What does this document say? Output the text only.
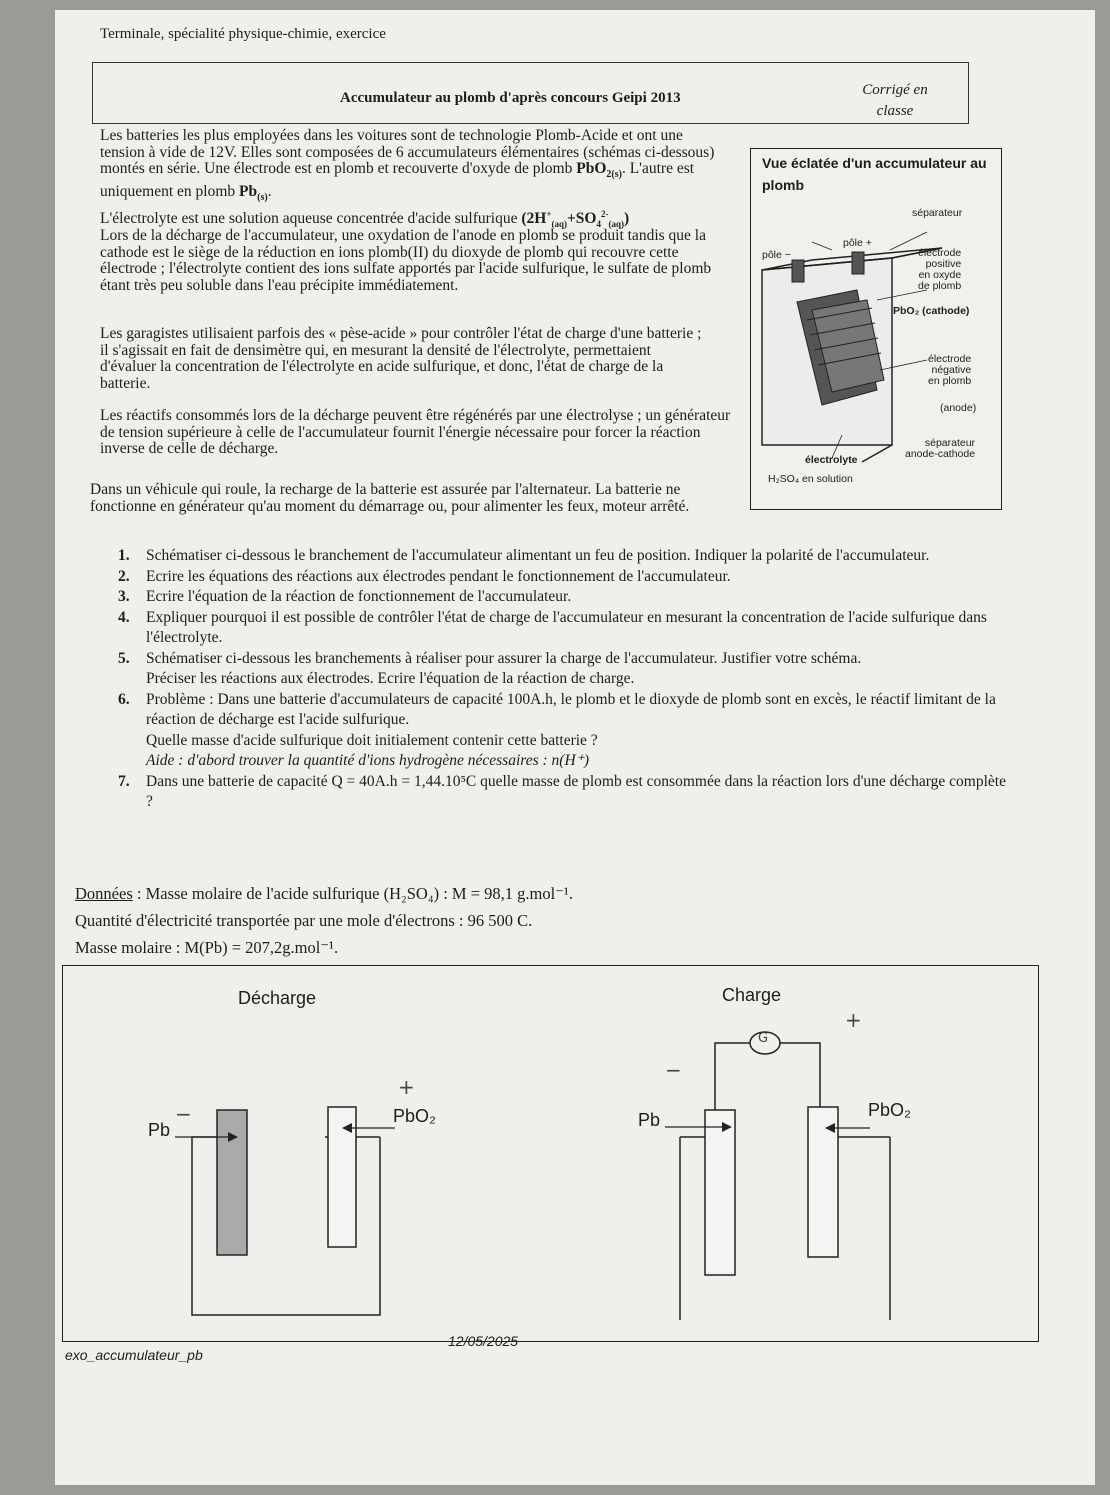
Terminale, spécialité physique-chimie, exercice
Accumulateur au plomb d'après concours Geipi 2013	Corrigé en classe
Les batteries les plus employées dans les voitures sont de technologie Plomb-Acide et ont une tension à vide de 12V. Elles sont composées de 6 accumulateurs élémentaires (schémas ci-dessous) montés en série. Une électrode est en plomb et recouverte d'oxyde de plomb PbO$_{2(s)}$. L'autre est uniquement en plomb $Pb_{(s)}$.
L'électrolyte est une solution aqueuse concentrée d'acide sulfurique $(2H^+_{(aq)}+SO_4^{2-}_{(aq)})$
Lors de la décharge de l'accumulateur, une oxydation de l'anode en plomb se produit tandis que la cathode est le siège de la réduction en ions plomb(II) du dioxyde de plomb qui recouvre cette électrode ; l'électrolyte contient des ions sulfate apportés par l'acide sulfurique, le sulfate de plomb étant très peu soluble dans l'eau précipite immédiatement.
Les garagistes utilisaient parfois des « pèse-acide » pour contrôler l'état de charge d'une batterie ; il s'agissait en fait de densimètre qui, en mesurant la densité de l'électrolyte, permettaient d'évaluer la concentration de l'électrolyte en acide sulfurique, et donc, l'état de charge de la batterie.
Les réactifs consommés lors de la décharge peuvent être régénérés par une électrolyse ; un générateur de tension supérieure à celle de l'accumulateur fournit l'énergie nécessaire pour forcer la réaction inverse de celle de décharge.
Dans un véhicule qui roule, la recharge de la batterie est assurée par l'alternateur. La batterie ne fonctionne en générateur qu'au moment du démarrage ou, pour alimenter les feux, moteur arrêté.
Vue éclatée d'un accumulateur au plomb
séparateur
pôle +
pôle −	électrode
positive
en oxyde
de plomb
PbO₂ (cathode)
électrode
négative
en plomb
(anode)
séparateur
anode-cathode
électrolyte
H₂SO₄ en solution
1. Schématiser ci-dessous le branchement de l'accumulateur alimentant un feu de position. Indiquer la polarité de l'accumulateur.
2. Ecrire les équations des réactions aux électrodes pendant le fonctionnement de l'accumulateur.
3. Ecrire l'équation de la réaction de fonctionnement de l'accumulateur.
4. Expliquer pourquoi il est possible de contrôler l'état de charge de l'accumulateur en mesurant la concentration de l'acide sulfurique dans l'électrolyte.
5. Schématiser ci-dessous les branchements à réaliser pour assurer la charge de l'accumulateur. Justifier votre schéma.
Préciser les réactions aux électrodes. Ecrire l'équation de la réaction de charge.
6. Problème : Dans une batterie d'accumulateurs de capacité 100A.h, le plomb et le dioxyde de plomb sont en excès, le réactif limitant de la réaction de décharge est l'acide sulfurique.
Quelle masse d'acide sulfurique doit initialement contenir cette batterie ?
Aide : d'abord trouver la quantité d'ions hydrogène nécessaires : n(H⁺)
7. Dans une batterie de capacité Q = 40A.h = 1,44.10⁵C quelle masse de plomb est consommée dans la réaction lors d'une décharge complète ?
Données : Masse molaire de l'acide sulfurique (H₂SO₄) : M = 98,1 g.mol⁻¹.
Quantité d'électricité transportée par une mole d'électrons : 96 500 C.
Masse molaire : M(Pb) = 207,2g.mol⁻¹.
Décharge	Charge
Pb
PbO₂
−
+
Pb	PbO₂
−
+
G
exo_accumulateur_pb
12/05/2025
